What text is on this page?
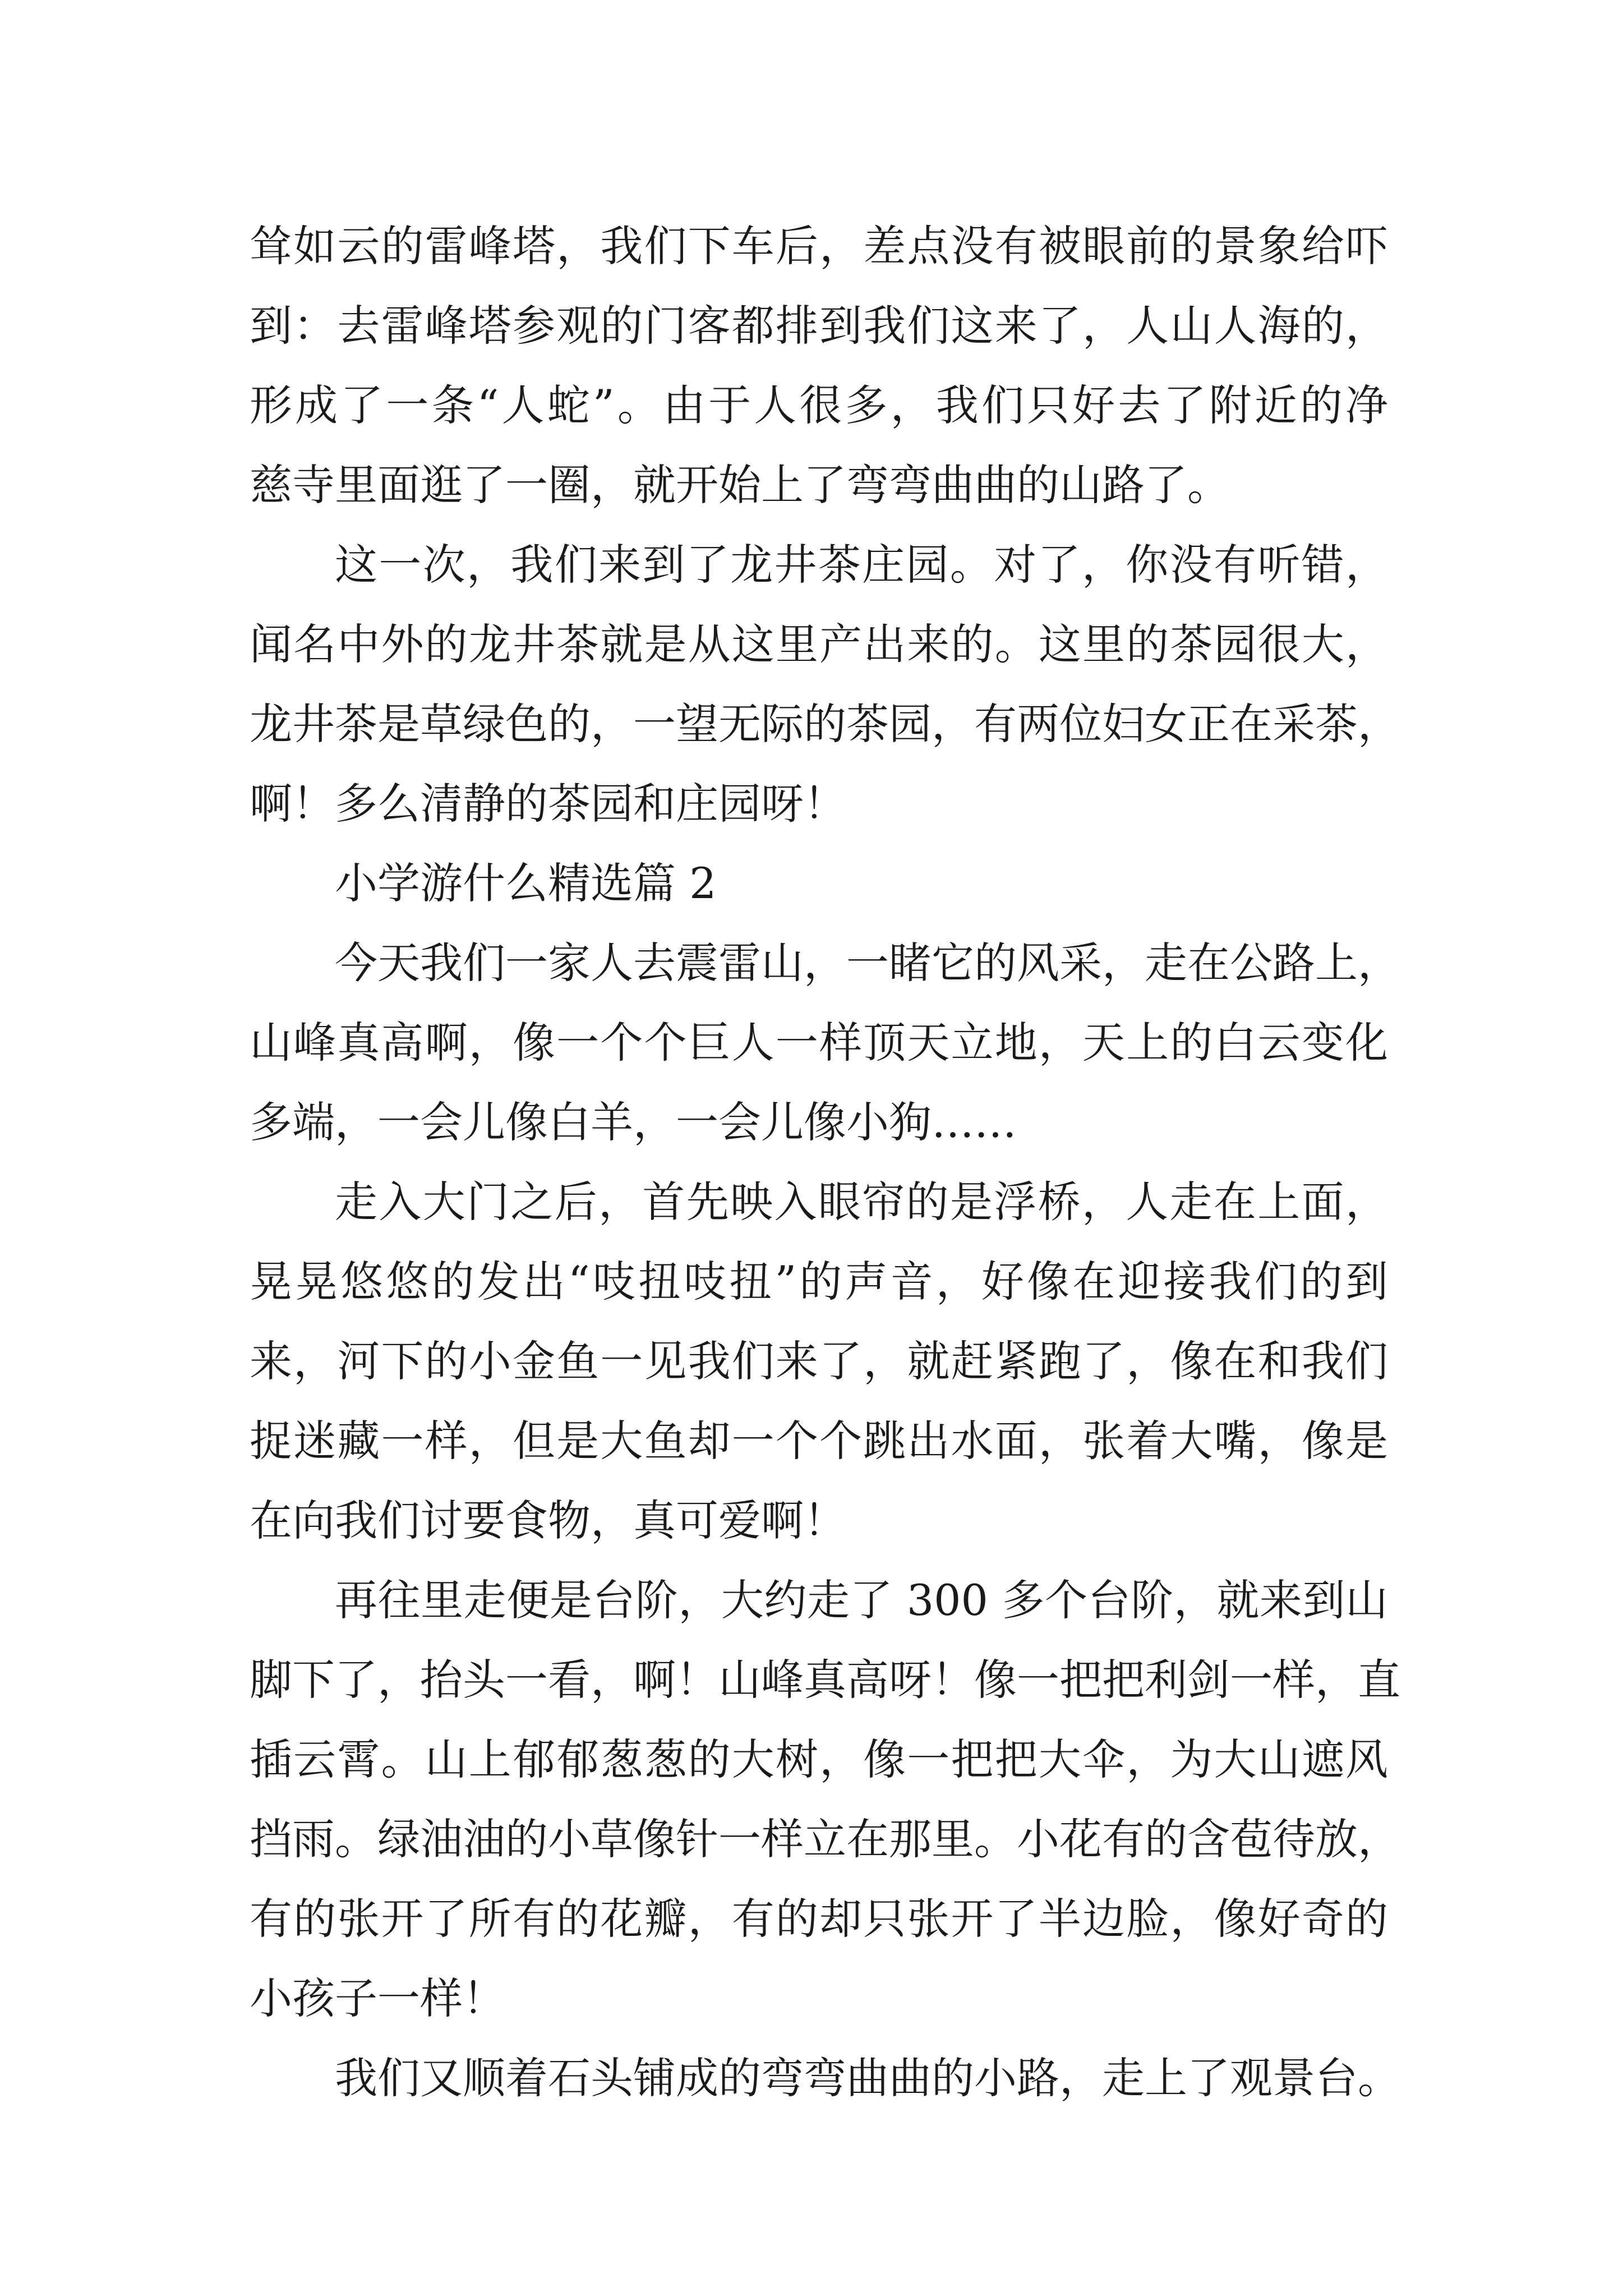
耸如云的雷峰塔，我们下车后，差点没有被眼前的景象给吓
到：去雷峰塔参观的门客都排到我们这来了，人山人海的，
形成了一条“人蛇”。由于人很多，我们只好去了附近的净
慈寺里面逛了一圈，就开始上了弯弯曲曲的山路了。
这一次，我们来到了龙井茶庄园。对了，你没有听错，
闻名中外的龙井茶就是从这里产出来的。这里的茶园很大，
龙井茶是草绿色的，一望无际的茶园，有两位妇女正在采茶，
啊！多么清静的茶园和庄园呀！
小学游什么精选篇 2
今天我们一家人去震雷山，一睹它的风采，走在公路上，
山峰真高啊，像一个个巨人一样顶天立地，天上的白云变化
多端，一会儿像白羊，一会儿像小狗……
走入大门之后，首先映入眼帘的是浮桥，人走在上面，
晃晃悠悠的发出“吱扭吱扭”的声音，好像在迎接我们的到
来，河下的小金鱼一见我们来了，就赶紧跑了，像在和我们
捉迷藏一样，但是大鱼却一个个跳出水面，张着大嘴，像是
在向我们讨要食物，真可爱啊！
再往里走便是台阶，大约走了 300 多个台阶，就来到山
脚下了，抬头一看，啊！山峰真高呀！像一把把利剑一样，直
插云霄。山上郁郁葱葱的大树，像一把把大伞，为大山遮风
挡雨。绿油油的小草像针一样立在那里。小花有的含苞待放，
有的张开了所有的花瓣，有的却只张开了半边脸，像好奇的
小孩子一样！
我们又顺着石头铺成的弯弯曲曲的小路，走上了观景台。
